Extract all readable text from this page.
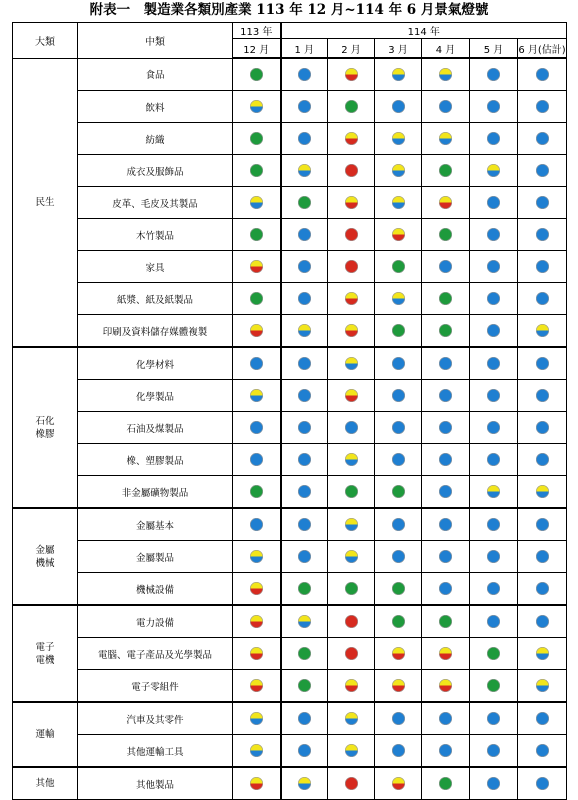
附表一　製造業各類別產業 113 年 12 月~114 年 6 月景氣燈號
大類	中類	113 年	114 年					
		12 月	1 月	2 月	3 月	4 月	5 月	6 月(估計)
民生	食品							
	飲料							
	紡織							
	成衣及服飾品							
	皮革、毛皮及其製品							
	木竹製品							
	家具							
	紙漿、紙及紙製品							
	印刷及資料儲存媒體複製							
石化
橡膠	化學材料							
	化學製品							
	石油及煤製品							
	橡、塑膠製品							
	非金屬礦物製品							
金屬
機械	金屬基本							
	金屬製品							
	機械設備							
電子
電機	電力設備							
	電腦、電子產品及光學製品							
	電子零組件							
運輸	汽車及其零件							
	其他運輸工具							
其他	其他製品							
